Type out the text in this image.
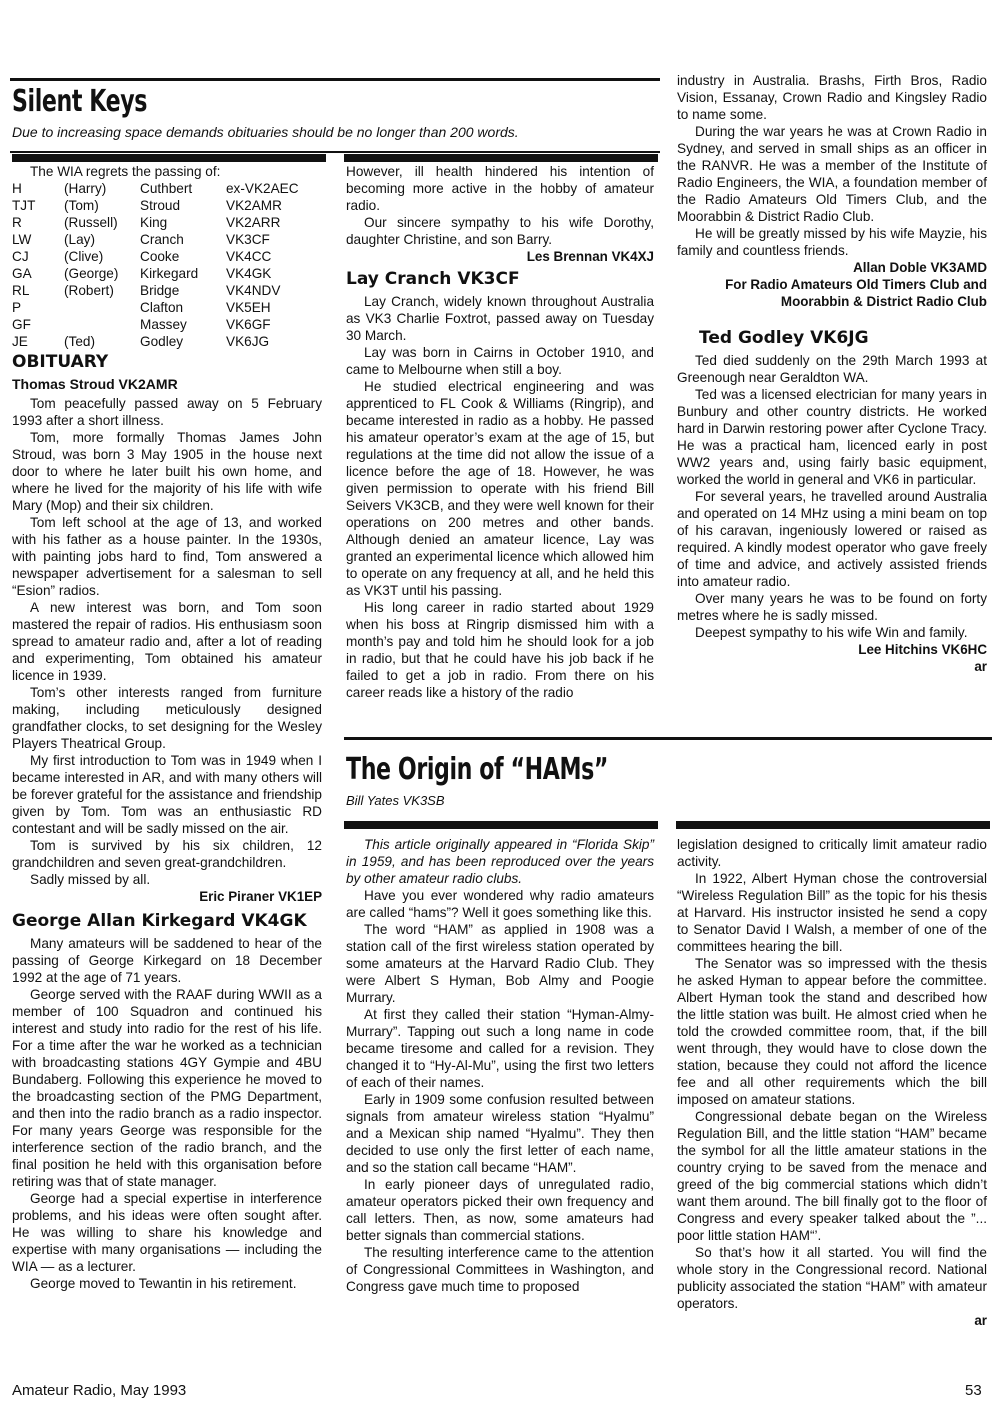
Silent Keys
Due to increasing space demands obituaries should be no longer than 200 words.

The WIA regrets the passing of:

H	(Harry)	Cuthbert	ex-VK2AEC
TJT	(Tom)	Stroud	VK2AMR
R	(Russell)	King	VK2ARR
LW	(Lay)	Cranch	VK3CF
CJ	(Clive)	Cooke	VK4CC
GA	(George)	Kirkegard	VK4GK
RL	(Robert)	Bridge	VK4NDV
P		Clafton	VK5EH
GF		Massey	VK6GF
JE	(Ted)	Godley	VK6JG
OBITUARY
Thomas Stroud VK2AMR

Tom peacefully passed away on 5 February 1993 after a short illness.

Tom, more formally Thomas James John Stroud, was born 3 May 1905 in the house next door to where he later built his own home, and where he lived for the majority of his life with wife Mary (Mop) and their six children.

Tom left school at the age of 13, and worked with his father as a house painter. In the 1930s, with painting jobs hard to find, Tom answered a newspaper advertisement for a salesman to sell “Esion” radios.

A new interest was born, and Tom soon mastered the repair of radios. His enthusiasm soon spread to amateur radio and, after a lot of reading and experimenting, Tom obtained his amateur licence in 1939.

Tom’s other interests ranged from furniture making, including meticulously designed grandfather clocks, to set designing for the Wesley Players Theatrical Group.

My first introduction to Tom was in 1949 when I became interested in AR, and with many others will be forever grateful for the assistance and friendship given by Tom. Tom was an enthusiastic RD contestant and will be sadly missed on the air.

Tom is survived by his six children, 12 grandchildren and seven great-grandchildren.

Sadly missed by all.

Eric Piraner VK1EP
George Allan Kirkegard VK4GK

Many amateurs will be saddened to hear of the passing of George Kirkegard on 18 December 1992 at the age of 71 years.

George served with the RAAF during WWII as a member of 100 Squadron and continued his interest and study into radio for the rest of his life. For a time after the war he worked as a technician with broadcasting stations 4GY Gympie and 4BU Bundaberg. Following this experience he moved to the broadcasting section of the PMG Department, and then into the radio branch as a radio inspector. For many years George was responsible for the interference section of the radio branch, and the final position he held with this organisation before retiring was that of state manager.

George had a special expertise in interference problems, and his ideas were often sought after. He was willing to share his knowledge and expertise with many organisations — including the WIA — as a lecturer.

George moved to Tewantin in his retirement.

However, ill health hindered his intention of becoming more active in the hobby of amateur radio.

Our sincere sympathy to his wife Dorothy, daughter Christine, and son Barry.

Les Brennan VK4XJ
Lay Cranch VK3CF

Lay Cranch, widely known throughout Australia as VK3 Charlie Foxtrot, passed away on Tuesday 30 March.

Lay was born in Cairns in October 1910, and came to Melbourne when still a boy.

He studied electrical engineering and was apprenticed to FL Cook & Williams (Ringrip), and became interested in radio as a hobby. He passed his amateur operator’s exam at the age of 15, but regulations at the time did not allow the issue of a licence before the age of 18. However, he was given permission to operate with his friend Bill Seivers VK3CB, and they were well known for their operations on 200 metres and other bands. Although denied an amateur licence, Lay was granted an experimental licence which allowed him to operate on any frequency at all, and he held this as VK3T until his passing.

His long career in radio started about 1929 when his boss at Ringrip dismissed him with a month’s pay and told him he should look for a job in radio, but that he could have his job back if he failed to get a job in radio. From there on his career reads like a history of the radio

industry in Australia. Brashs, Firth Bros, Radio Vision, Essanay, Crown Radio and Kingsley Radio to name some.

During the war years he was at Crown Radio in Sydney, and served in small ships as an officer in the RANVR. He was a member of the Institute of Radio Engineers, the WIA, a foundation member of the Radio Amateurs Old Timers Club, and the Moorabbin & District Radio Club.

He will be greatly missed by his wife Mayzie, his family and countless friends.

Allan Doble VK3AMD
For Radio Amateurs Old Timers Club and Moorabbin & District Radio Club
Ted Godley VK6JG

Ted died suddenly on the 29th March 1993 at Greenough near Geraldton WA.

Ted was a licensed electrician for many years in Bunbury and other country districts. He worked hard in Darwin restoring power after Cyclone Tracy. He was a practical ham, licenced early in post WW2 years and, using fairly basic equipment, worked the world in general and VK6 in particular.

For several years, he travelled around Australia and operated on 14 MHz using a mini beam on top of his caravan, ingeniously lowered or raised as required. A kindly modest operator who gave freely of time and advice, and actively assisted friends into amateur radio.

Over many years he was to be found on forty metres where he is sadly missed.

Deepest sympathy to his wife Win and family.

Lee Hitchins VK6HC
ar
The Origin of “HAMs”
Bill Yates VK3SB

This article originally appeared in “Florida Skip” in 1959, and has been reproduced over the years by other amateur radio clubs.

Have you ever wondered why radio amateurs are called “hams”? Well it goes something like this.

The word “HAM” as applied in 1908 was a station call of the first wireless station operated by some amateurs at the Harvard Radio Club. They were Albert S Hyman, Bob Almy and Poogie Murrary.

At first they called their station “Hyman-Almy-Murrary”. Tapping out such a long name in code became tiresome and called for a revision. They changed it to “Hy-Al-Mu”, using the first two letters of each of their names.

Early in 1909 some confusion resulted between signals from amateur wireless station “Hyalmu” and a Mexican ship named “Hyalmu”. They then decided to use only the first letter of each name, and so the station call became “HAM”.

In early pioneer days of unregulated radio, amateur operators picked their own frequency and call letters. Then, as now, some amateurs had better signals than commercial stations.

The resulting interference came to the attention of Congressional Committees in Washington, and Congress gave much time to proposed

legislation designed to critically limit amateur radio activity.

In 1922, Albert Hyman chose the controversial “Wireless Regulation Bill” as the topic for his thesis at Harvard. His instructor insisted he send a copy to Senator David I Walsh, a member of one of the committees hearing the bill.

The Senator was so impressed with the thesis he asked Hyman to appear before the committee. Albert Hyman took the stand and described how the little station was built. He almost cried when he told the crowded committee room, that, if the bill went through, they would have to close down the station, because they could not afford the licence fee and all other requirements which the bill imposed on amateur stations.

Congressional debate began on the Wireless Regulation Bill, and the little station “HAM” became the symbol for all the little amateur stations in the country crying to be saved from the menace and greed of the big commercial stations which didn’t want them around. The bill finally got to the floor of Congress and every speaker talked about the ”... poor little station HAM“’.

So that’s how it all started. You will find the whole story in the Congressional record. National publicity associated the station “HAM” with amateur operators.

ar
Amateur Radio, May 1993	53
